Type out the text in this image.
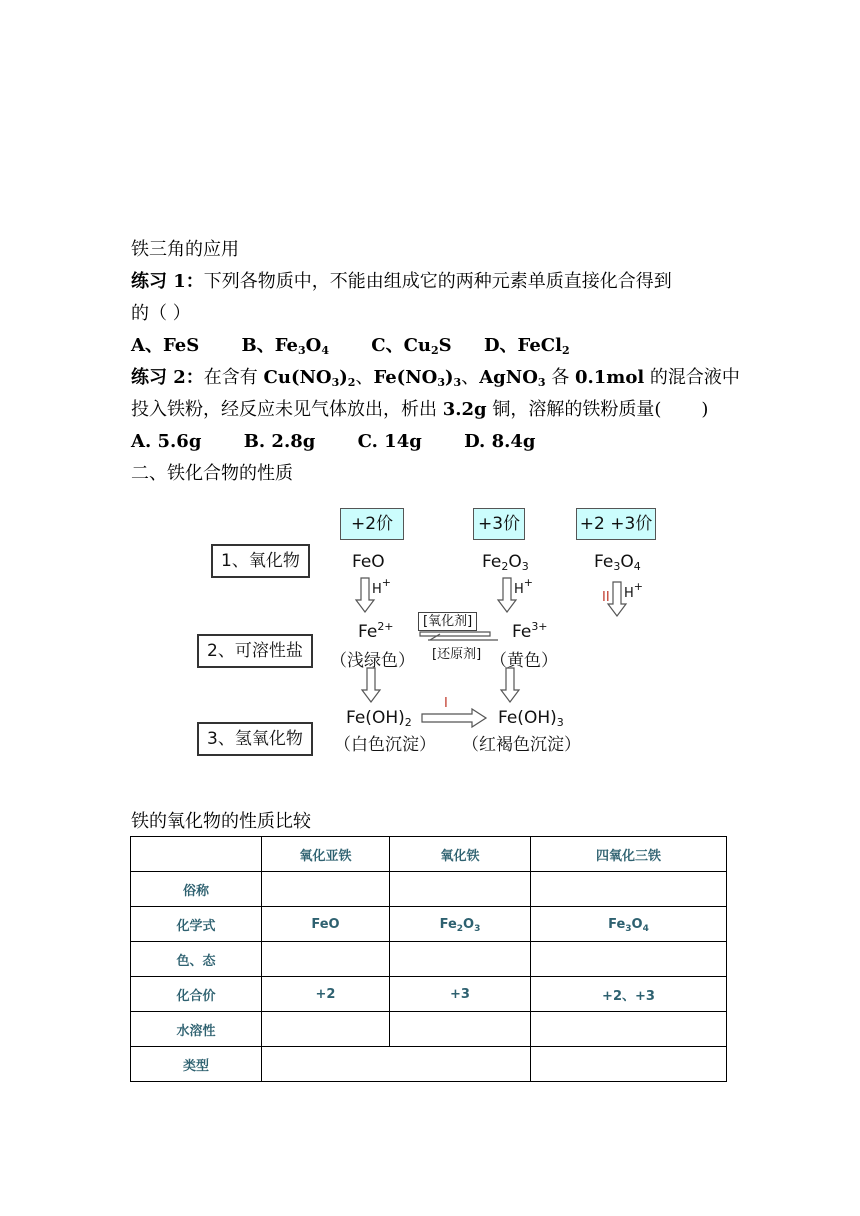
铁三角的应用
练习 1：下列各物质中，不能由组成它的两种元素单质直接化合得到
的（ ）
A、FeS B、$Fe_3O_4$ C、$Cu_2S$ D、FeCl$_2$
练习 2：在含有 $Cu(NO_3)_2$、$Fe(NO_3)_3$、AgNO$_3$ 各 0.1mol 的混合液中
投入铁粉，经反应未见气体放出，析出 3.2g 铜，溶解的铁粉质量(       )
A. 5.6g B. 2.8g C. 14g D. 8.4g
二、铁化合物的性质
+2价	+3价	+2 +3价
1、氧化物
2、可溶性盐
3、氢氧化物
FeO	$Fe_2O_3$	$Fe_3O_4$
H+	H+
H+
II
$Fe^{2+}$
（浅绿色）
$Fe^{3+}$
（黄色）
[氧化剂]
[还原剂]
$Fe(OH)_2$
（白色沉淀）
I
$Fe(OH)_3$
（红褐色沉淀）
铁的氧化物的性质比较
	氧化亚铁	氧化铁	四氧化三铁
俗称			
化学式	FeO	$Fe_2O_3$	$Fe_3O_4$
色、态			
化合价	+2	+3	+2、+3
水溶性			
类型			
